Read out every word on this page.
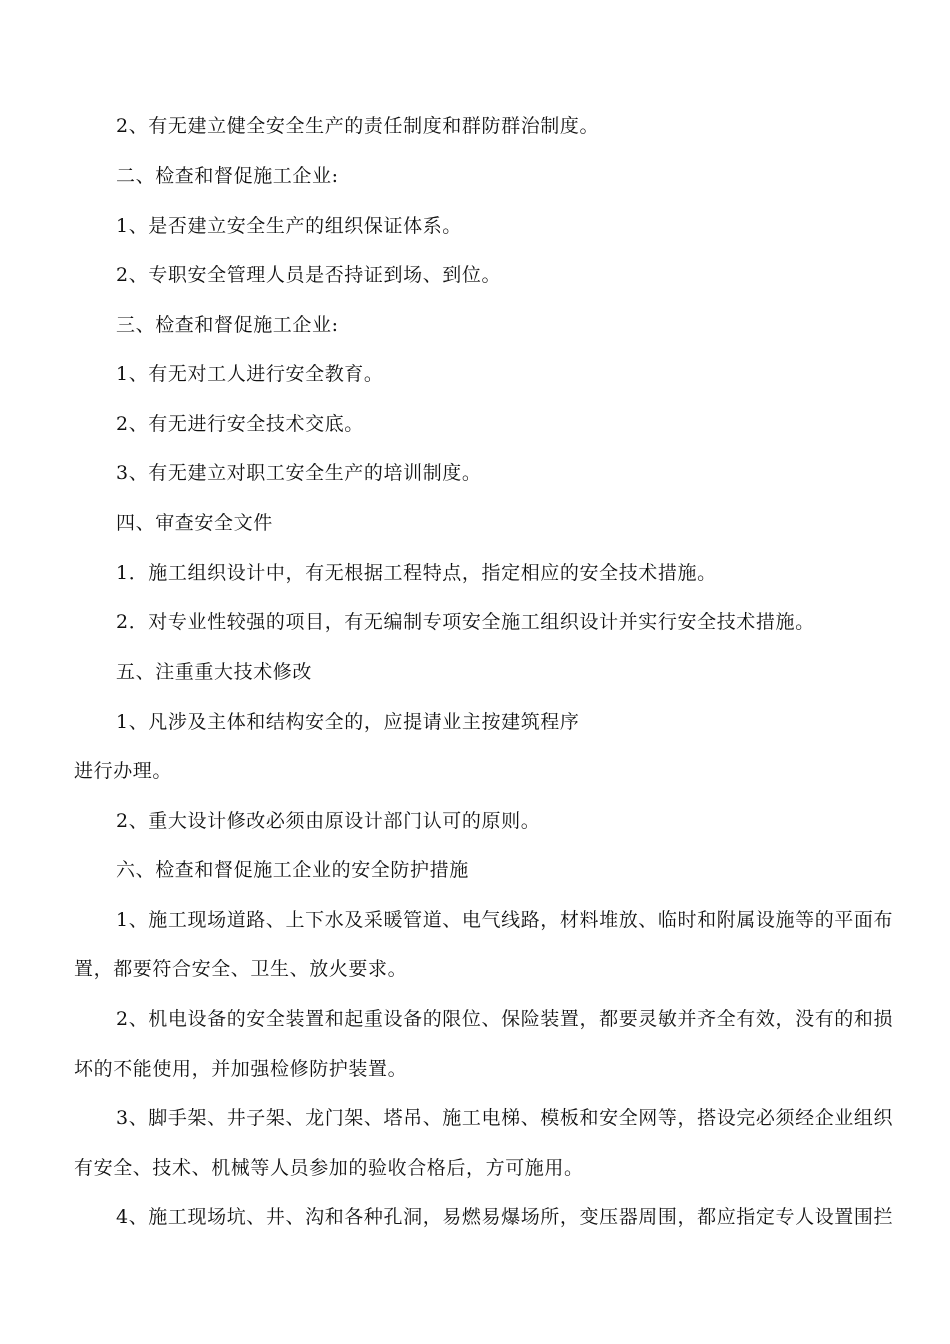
2、有无建立健全安全生产的责任制度和群防群治制度。
二、检查和督促施工企业:
1、是否建立安全生产的组织保证体系。
2、专职安全管理人员是否持证到场、到位。
三、检查和督促施工企业:
1、有无对工人进行安全教育。
2、有无进行安全技术交底。
3、有无建立对职工安全生产的培训制度。
四、审查安全文件
1．施工组织设计中，有无根据工程特点，指定相应的安全技术措施。
2．对专业性较强的项目，有无编制专项安全施工组织设计并实行安全技术措施。
五、注重重大技术修改
1、凡涉及主体和结构安全的，应提请业主按建筑程序
进行办理。
2、重大设计修改必须由原设计部门认可的原则。
六、检查和督促施工企业的安全防护措施
1、施工现场道路、上下水及采暖管道、电气线路，材料堆放、临时和附属设施等的平面布
置，都要符合安全、卫生、放火要求。
2、机电设备的安全装置和起重设备的限位、保险装置，都要灵敏并齐全有效，没有的和损
坏的不能使用，并加强检修防护装置。
3、脚手架、井子架、龙门架、塔吊、施工电梯、模板和安全网等，搭设完必须经企业组织
有安全、技术、机械等人员参加的验收合格后，方可施用。
4、施工现场坑、井、沟和各种孔洞，易燃易爆场所，变压器周围，都应指定专人设置围拦
